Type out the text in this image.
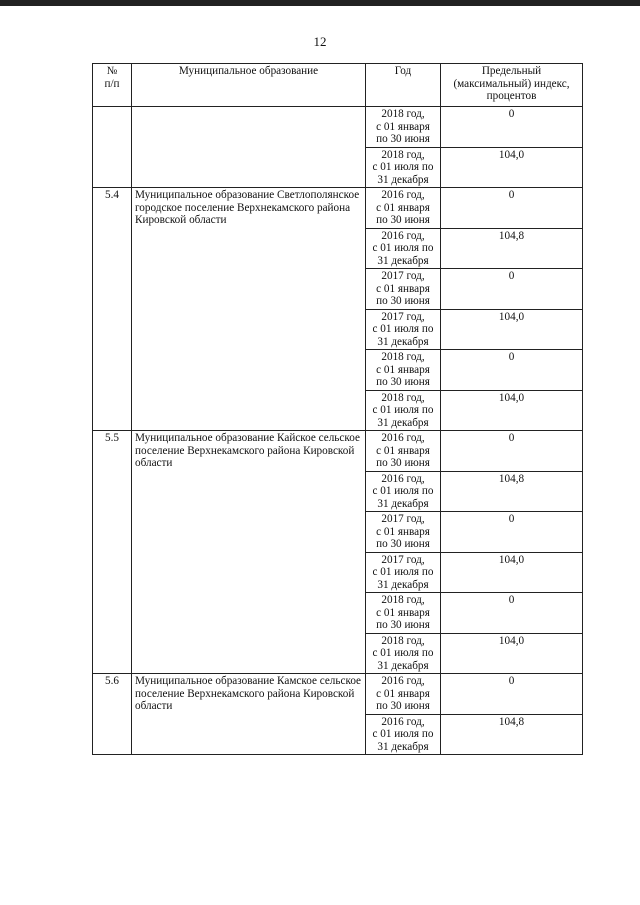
12
№
п/п	Муниципальное образование	Год	Предельный (максимальный) индекс, процентов
		2018 год,
с 01 января
по 30 июня	0
		2018 год,
с 01 июля по
31 декабря	104,0
5.4	Муниципальное образование Светлополянское городское поселение Верхнекамского района Кировской области	2016 год,
с 01 января
по 30 июня	0
		2016 год,
с 01 июля по
31 декабря	104,8
		2017 год,
с 01 января
по 30 июня	0
		2017 год,
с 01 июля по
31 декабря	104,0
		2018 год,
с 01 января
по 30 июня	0
		2018 год,
с 01 июля по
31 декабря	104,0
5.5	Муниципальное образование Кайское сельское поселение Верхнекамского района Кировской области	2016 год,
с 01 января
по 30 июня	0
		2016 год,
с 01 июля по
31 декабря	104,8
		2017 год,
с 01 января
по 30 июня	0
		2017 год,
с 01 июля по
31 декабря	104,0
		2018 год,
с 01 января
по 30 июня	0
		2018 год,
с 01 июля по
31 декабря	104,0
5.6	Муниципальное образование Камское сельское поселение Верхнекамского района Кировской области	2016 год,
с 01 января
по 30 июня	0
		2016 год,
с 01 июля по
31 декабря	104,8
